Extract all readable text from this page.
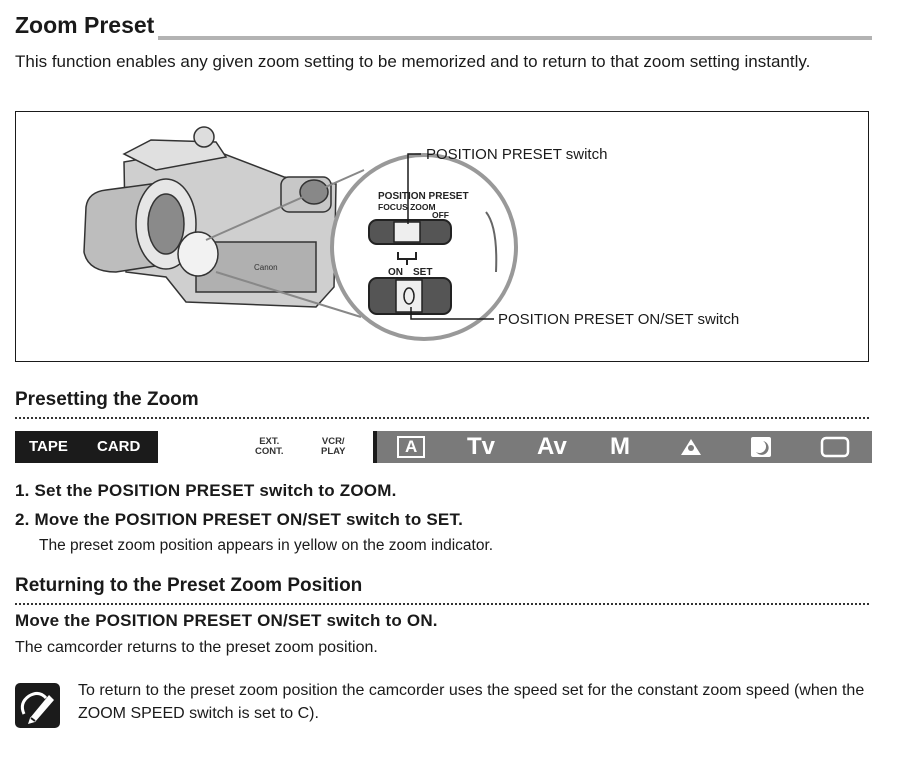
Zoom Preset
This function enables any given zoom setting to be memorized and to return to that zoom setting instantly.
Canon
POSITION PRESET
FOCUS ZOOM
OFF
ON SET
POSITION PRESET switch
POSITION PRESET ON/SET switch
Presetting the Zoom
TAPE CARD	EXT.
CONT.
VCR/
PLAY	A	Tv Av M
1. Set the POSITION PRESET switch to ZOOM.
2. Move the POSITION PRESET ON/SET switch to SET.
The preset zoom position appears in yellow on the zoom indicator.
Returning to the Preset Zoom Position
Move the POSITION PRESET ON/SET switch to ON.
The camcorder returns to the preset zoom position.
To return to the preset zoom position the camcorder uses the speed set for the constant zoom speed (when the ZOOM SPEED switch is set to C).
